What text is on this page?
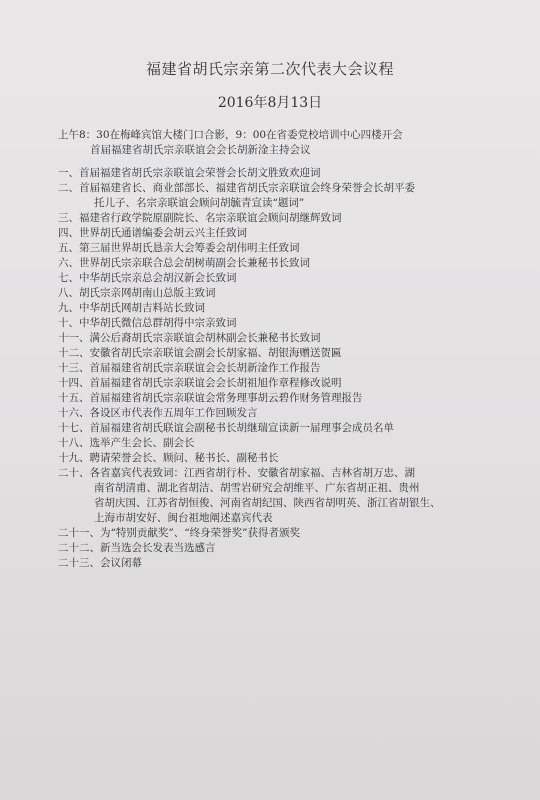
福建省胡氏宗亲第二次代表大会议程
2016年8月13日
上午8：30在梅峰宾馆大楼门口合影，9：00在省委党校培训中心四楼开会
首届福建省胡氏宗亲联谊会会长胡新淦主持会议
一、首届福建省胡氏宗亲联谊会荣誉会长胡文胜致欢迎词
二、首届福建省长、商业部部长、福建省胡氏宗亲联谊会终身荣誉会长胡平委
托儿子、名宗亲联谊会顾问胡毓青宣读“题词”
三、福建省行政学院原副院长、名宗亲联谊会顾问胡继辉致词
四、世界胡氏通谱编委会胡云兴主任致词
五、第三届世界胡氏恳亲大会筹委会胡伟明主任致词
六、世界胡氏宗亲联合总会胡树萌副会长兼秘书长致词
七、中华胡氏宗亲总会胡汉新会长致词
八、胡氏宗亲网胡南山总版主致词
九、中华胡氏网胡吉料站长致词
十、中华胡氏微信总群胡得中宗亲致词
十一、满公后裔胡氏宗亲联谊会胡林副会长兼秘书长致词
十二、安徽省胡氏宗亲联谊会副会长胡家福、胡银海赠送贺匾
十三、首届福建省胡氏宗亲联谊会会长胡新淦作工作报告
十四、首届福建省胡氏宗亲联谊会会长胡祖旭作章程修改说明
十五、首届福建省胡氏宗亲联谊会常务理事胡云碧作财务管理报告
十六、各设区市代表作五周年工作回顾发言
十七、首届福建省胡氏联谊会副秘书长胡继瑞宣读新一届理事会成员名单
十八、选举产生会长、副会长
十九、聘请荣誉会长、顾问、秘书长、副秘书长
二十、各省嘉宾代表致词：江西省胡行朴、安徽省胡家福、吉林省胡万忠、湖
南省胡清甫、湖北省胡洁、胡雪岩研究会胡维平、广东省胡正祖、贵州
省胡庆国、江苏省胡恒俊、河南省胡纪国、陕西省胡明英、浙江省胡银生、
上海市胡安好、闽台祖地阐述嘉宾代表
二十一、为“特别贡献奖”、“终身荣誉奖”获得者颁奖
二十二、新当选会长发表当选感言
二十三、会议闭幕
